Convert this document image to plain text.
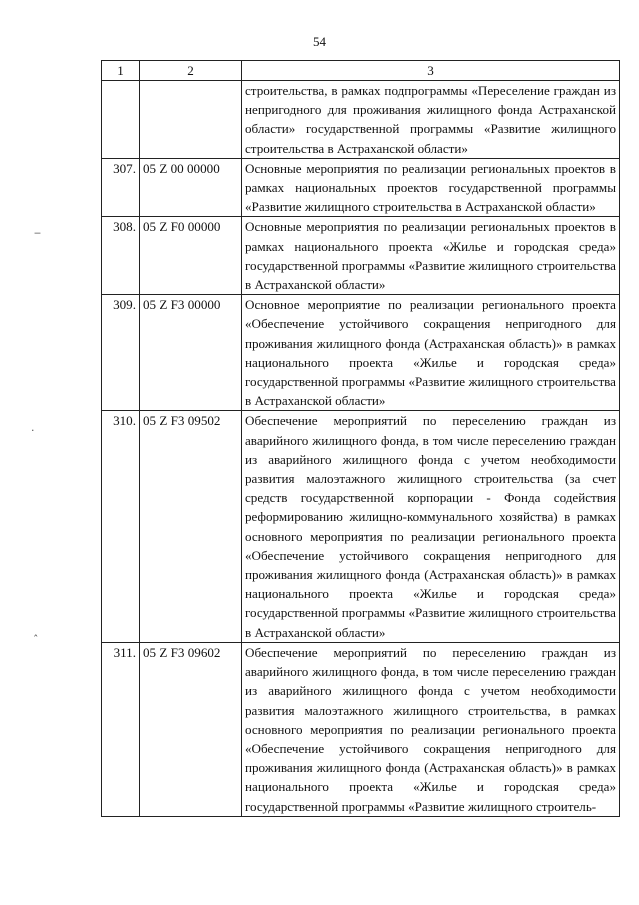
54
1	2	3
		строительства, в рамках подпрограммы «Переселение граждан из непригодного для проживания жилищного фонда Астраханской области» государственной программы «Развитие жилищного строительства в Астраханской области»
307.	05 Z 00 00000	Основные мероприятия по реализации региональных проектов в рамках национальных проектов государственной программы «Развитие жилищного строительства в Астраханской области»
308.	05 Z F0 00000	Основные мероприятия по реализации региональных проектов в рамках национального проекта «Жилье и городская среда» государственной программы «Развитие жилищного строительства в Астраханской области»
309.	05 Z F3 00000	Основное мероприятие по реализации регионального проекта «Обеспечение устойчивого сокращения непригодного для проживания жилищного фонда (Астраханская область)» в рамках национального проекта «Жилье и городская среда» государственной программы «Развитие жилищного строительства в Астраханской области»
310.	05 Z F3 09502	Обеспечение мероприятий по переселению граждан из аварийного жилищного фонда, в том числе переселению граждан из аварийного жилищного фонда с учетом необходимости развития малоэтажного жилищного строительства (за счет средств государственной корпорации - Фонда содействия реформированию жилищно-коммунального хозяйства) в рамках основного мероприятия по реализации регионального проекта «Обеспечение устойчивого сокращения непригодного для проживания жилищного фонда (Астраханская область)» в рамках национального проекта «Жилье и городская среда» государственной программы «Развитие жилищного строительства в Астраханской области»
311.	05 Z F3 09602	Обеспечение мероприятий по переселению граждан из аварийного жилищного фонда, в том числе переселению граждан из аварийного жилищного фонда с учетом необходимости развития малоэтажного жилищного строительства, в рамках основного мероприятия по реализации регионального проекта «Обеспечение устойчивого сокращения непригодного для проживания жилищного фонда (Астраханская область)» в рамках национального проекта «Жилье и городская среда» государственной программы «Развитие жилищного строитель-
‒
·
ˆ
